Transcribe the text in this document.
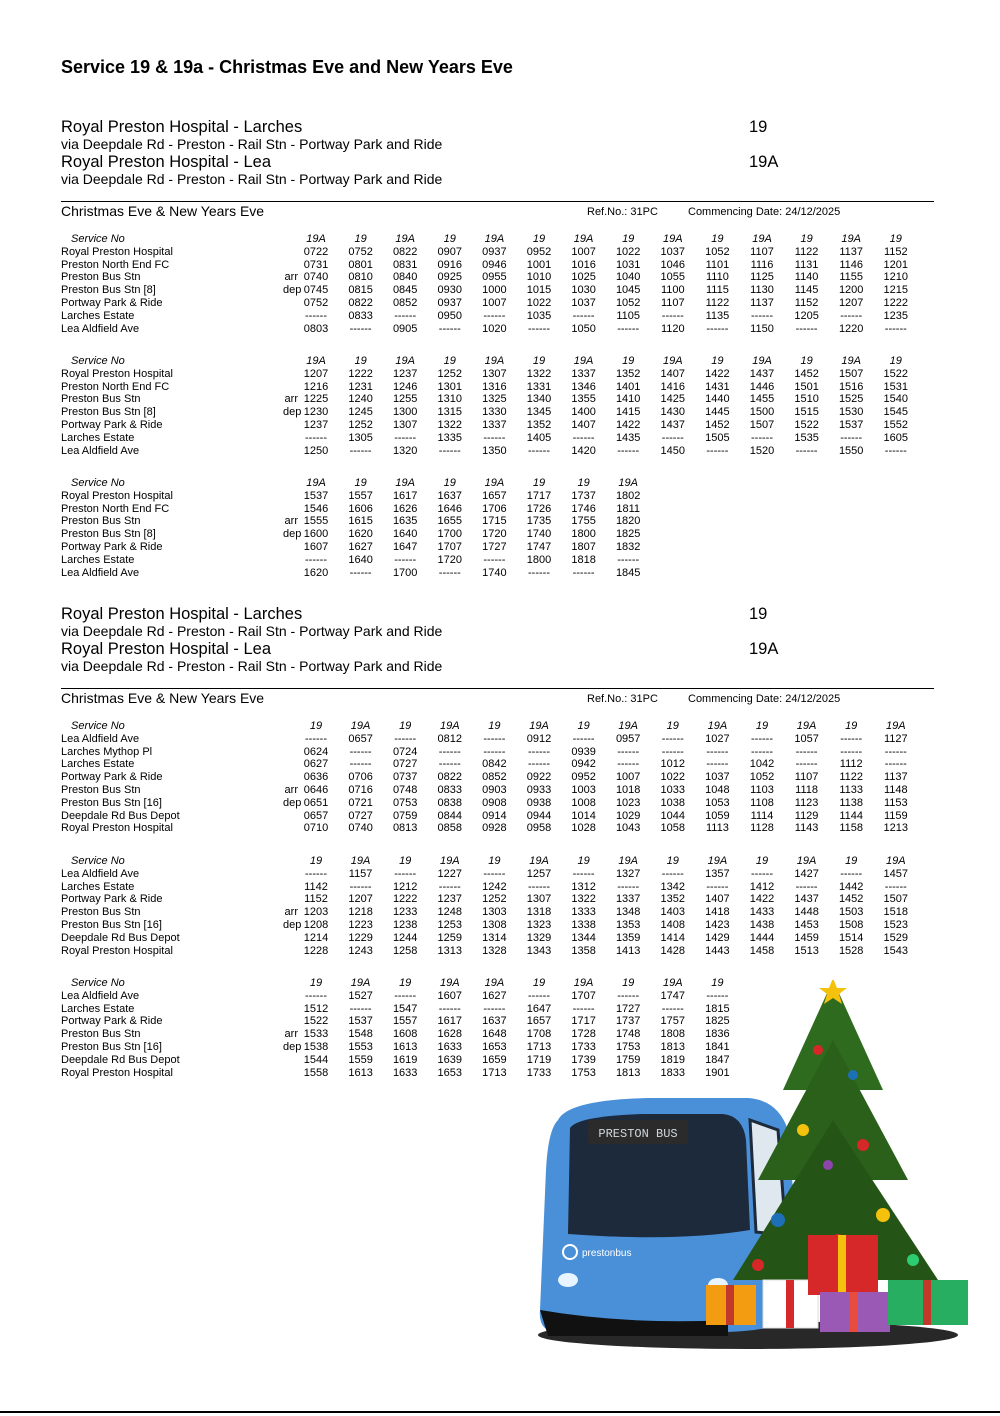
Service 19 & 19a - Christmas Eve and New Years Eve
Royal Preston Hospital - Larches
via Deepdale Rd - Preston - Rail Stn - Portway Park and Ride
19
Royal Preston Hospital - Lea
via Deepdale Rd - Preston - Rail Stn - Portway Park and Ride
19A
Christmas Eve & New Years Eve	Ref.No.: 31PC	Commencing Date: 24/12/2025
Service No	19A	19	19A	19	19A	19	19A	19	19A	19	19A	19	19A	19
Royal Preston Hospital	0722	0752	0822	0907	0937	0952	1007	1022	1037	1052	1107	1122	1137	1152
Preston North End FC	0731	0801	0831	0916	0946	1001	1016	1031	1046	1101	1116	1131	1146	1201
Preston Bus Stn	arr 0740	0810	0840	0925	0955	1010	1025	1040	1055	1110	1125	1140	1155	1210
Preston Bus Stn [8]	dep 0745	0815	0845	0930	1000	1015	1030	1045	1100	1115	1130	1145	1200	1215
Portway Park & Ride	0752	0822	0852	0937	1007	1022	1037	1052	1107	1122	1137	1152	1207	1222
Larches Estate	------	0833	------	0950	------	1035	------	1105	------	1135	------	1205	------	1235
Lea Aldfield Ave	0803	------	0905	------	1020	------	1050	------	1120	------	1150	------	1220	------
Service No	19A	19	19A	19	19A	19	19A	19	19A	19	19A	19	19A	19
Royal Preston Hospital	1207	1222	1237	1252	1307	1322	1337	1352	1407	1422	1437	1452	1507	1522
Preston North End FC	1216	1231	1246	1301	1316	1331	1346	1401	1416	1431	1446	1501	1516	1531
Preston Bus Stn	arr 1225	1240	1255	1310	1325	1340	1355	1410	1425	1440	1455	1510	1525	1540
Preston Bus Stn [8]	dep 1230	1245	1300	1315	1330	1345	1400	1415	1430	1445	1500	1515	1530	1545
Portway Park & Ride	1237	1252	1307	1322	1337	1352	1407	1422	1437	1452	1507	1522	1537	1552
Larches Estate	------	1305	------	1335	------	1405	------	1435	------	1505	------	1535	------	1605
Lea Aldfield Ave	1250	------	1320	------	1350	------	1420	------	1450	------	1520	------	1550	------
Service No	19A	19	19A	19	19A	19	19	19A
Royal Preston Hospital	1537	1557	1617	1637	1657	1717	1737	1802
Preston North End FC	1546	1606	1626	1646	1706	1726	1746	1811
Preston Bus Stn	arr 1555	1615	1635	1655	1715	1735	1755	1820
Preston Bus Stn [8]	dep 1600	1620	1640	1700	1720	1740	1800	1825
Portway Park & Ride	1607	1627	1647	1707	1727	1747	1807	1832
Larches Estate	------	1640	------	1720	------	1800	1818	------
Lea Aldfield Ave	1620	------	1700	------	1740	------	------	1845
Royal Preston Hospital - Larches
via Deepdale Rd - Preston - Rail Stn - Portway Park and Ride
19
Royal Preston Hospital - Lea
via Deepdale Rd - Preston - Rail Stn - Portway Park and Ride
19A
Christmas Eve & New Years Eve	Ref.No.: 31PC	Commencing Date: 24/12/2025
Service No	19	19A	19	19A	19	19A	19	19A	19	19A	19	19A	19	19A
Lea Aldfield Ave	------	0657	------	0812	------	0912	------	0957	------	1027	------	1057	------	1127
Larches Mythop Pl	0624	------	0724	------	------	------	0939	------	------	------	------	------	------	------
Larches Estate	0627	------	0727	------	0842	------	0942	------	1012	------	1042	------	1112	------
Portway Park & Ride	0636	0706	0737	0822	0852	0922	0952	1007	1022	1037	1052	1107	1122	1137
Preston Bus Stn	arr 0646	0716	0748	0833	0903	0933	1003	1018	1033	1048	1103	1118	1133	1148
Preston Bus Stn [16]	dep 0651	0721	0753	0838	0908	0938	1008	1023	1038	1053	1108	1123	1138	1153
Deepdale Rd Bus Depot	0657	0727	0759	0844	0914	0944	1014	1029	1044	1059	1114	1129	1144	1159
Royal Preston Hospital	0710	0740	0813	0858	0928	0958	1028	1043	1058	1113	1128	1143	1158	1213
Service No	19	19A	19	19A	19	19A	19	19A	19	19A	19	19A	19	19A
Lea Aldfield Ave	------	1157	------	1227	------	1257	------	1327	------	1357	------	1427	------	1457
Larches Estate	1142	------	1212	------	1242	------	1312	------	1342	------	1412	------	1442	------
Portway Park & Ride	1152	1207	1222	1237	1252	1307	1322	1337	1352	1407	1422	1437	1452	1507
Preston Bus Stn	arr 1203	1218	1233	1248	1303	1318	1333	1348	1403	1418	1433	1448	1503	1518
Preston Bus Stn [16]	dep 1208	1223	1238	1253	1308	1323	1338	1353	1408	1423	1438	1453	1508	1523
Deepdale Rd Bus Depot	1214	1229	1244	1259	1314	1329	1344	1359	1414	1429	1444	1459	1514	1529
Royal Preston Hospital	1228	1243	1258	1313	1328	1343	1358	1413	1428	1443	1458	1513	1528	1543
Service No	19	19A	19	19A	19A	19	19A	19	19A	19
Lea Aldfield Ave	------	1527	------	1607	1627	------	1707	------	1747	------
Larches Estate	1512	------	1547	------	------	1647	------	1727	------	1815
Portway Park & Ride	1522	1537	1557	1617	1637	1657	1717	1737	1757	1825
Preston Bus Stn	arr 1533	1548	1608	1628	1648	1708	1728	1748	1808	1836
Preston Bus Stn [16]	dep 1538	1553	1613	1633	1653	1713	1733	1753	1813	1841
Deepdale Rd Bus Depot	1544	1559	1619	1639	1659	1719	1739	1759	1819	1847
Royal Preston Hospital	1558	1613	1633	1653	1713	1733	1753	1813	1833	1901
PRESTON BUS
prestonbus
